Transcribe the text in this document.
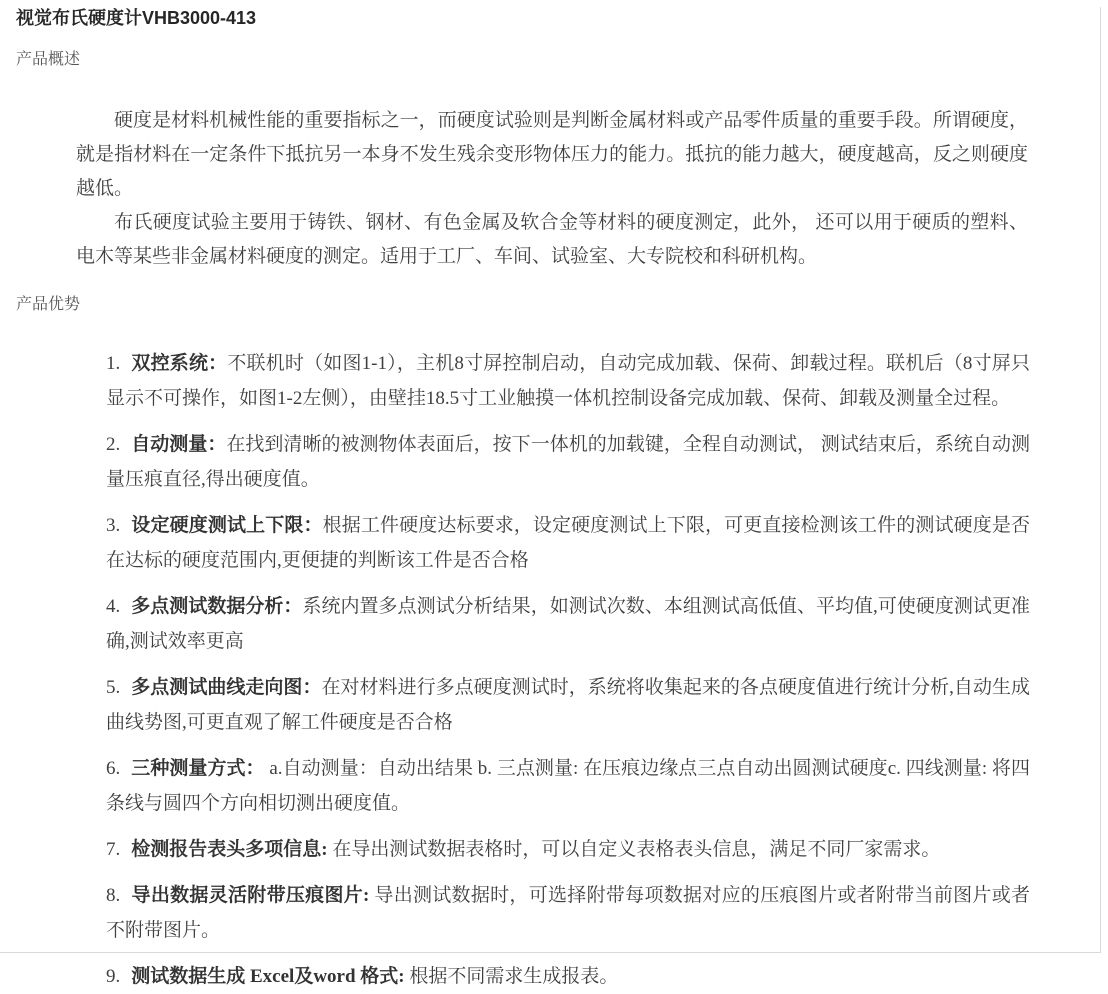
视觉布氏硬度计VHB3000-413
产品概述

硬度是材料机械性能的重要指标之一，而硬度试验则是判断金属材料或产品零件质量的重要手段。所谓硬度，就是指材料在一定条件下抵抗另一本身不发生残余变形物体压力的能力。抵抗的能力越大，硬度越高，反之则硬度越低。

布氏硬度试验主要用于铸铁、钢材、有色金属及软合金等材料的硬度测定，此外， 还可以用于硬质的塑料、电木等某些非金属材料硬度的测定。适用于工厂、车间、试验室、大专院校和科研机构。

产品优势
1. 双控系统：不联机时（如图1-1），主机8寸屏控制启动，自动完成加载、保荷、卸载过程。联机后（8寸屏只显示不可操作，如图1-2左侧），由壁挂18.5寸工业触摸一体机控制设备完成加载、保荷、卸载及测量全过程。
2. 自动测量：在找到清晰的被测物体表面后，按下一体机的加载键，全程自动测试， 测试结束后，系统自动测量压痕直径,得出硬度值。
3. 设定硬度测试上下限：根据工件硬度达标要求，设定硬度测试上下限，可更直接检测该工件的测试硬度是否在达标的硬度范围内,更便捷的判断该工件是否合格
4. 多点测试数据分析：系统内置多点测试分析结果，如测试次数、本组测试高低值、平均值,可使硬度测试更准确,测试效率更高
5. 多点测试曲线走向图：在对材料进行多点硬度测试时，系统将收集起来的各点硬度值进行统计分析,自动生成曲线势图,可更直观了解工件硬度是否合格
6. 三种测量方式： a.自动测量：自动出结果 b. 三点测量: 在压痕边缘点三点自动出圆测试硬度c. 四线测量: 将四条线与圆四个方向相切测出硬度值。
7. 检测报告表头多项信息: 在导出测试数据表格时，可以自定义表格表头信息，满足不同厂家需求。
8. 导出数据灵活附带压痕图片: 导出测试数据时，可选择附带每项数据对应的压痕图片或者附带当前图片或者不附带图片。
9. 测试数据生成 Excel及word 格式: 根据不同需求生成报表。
